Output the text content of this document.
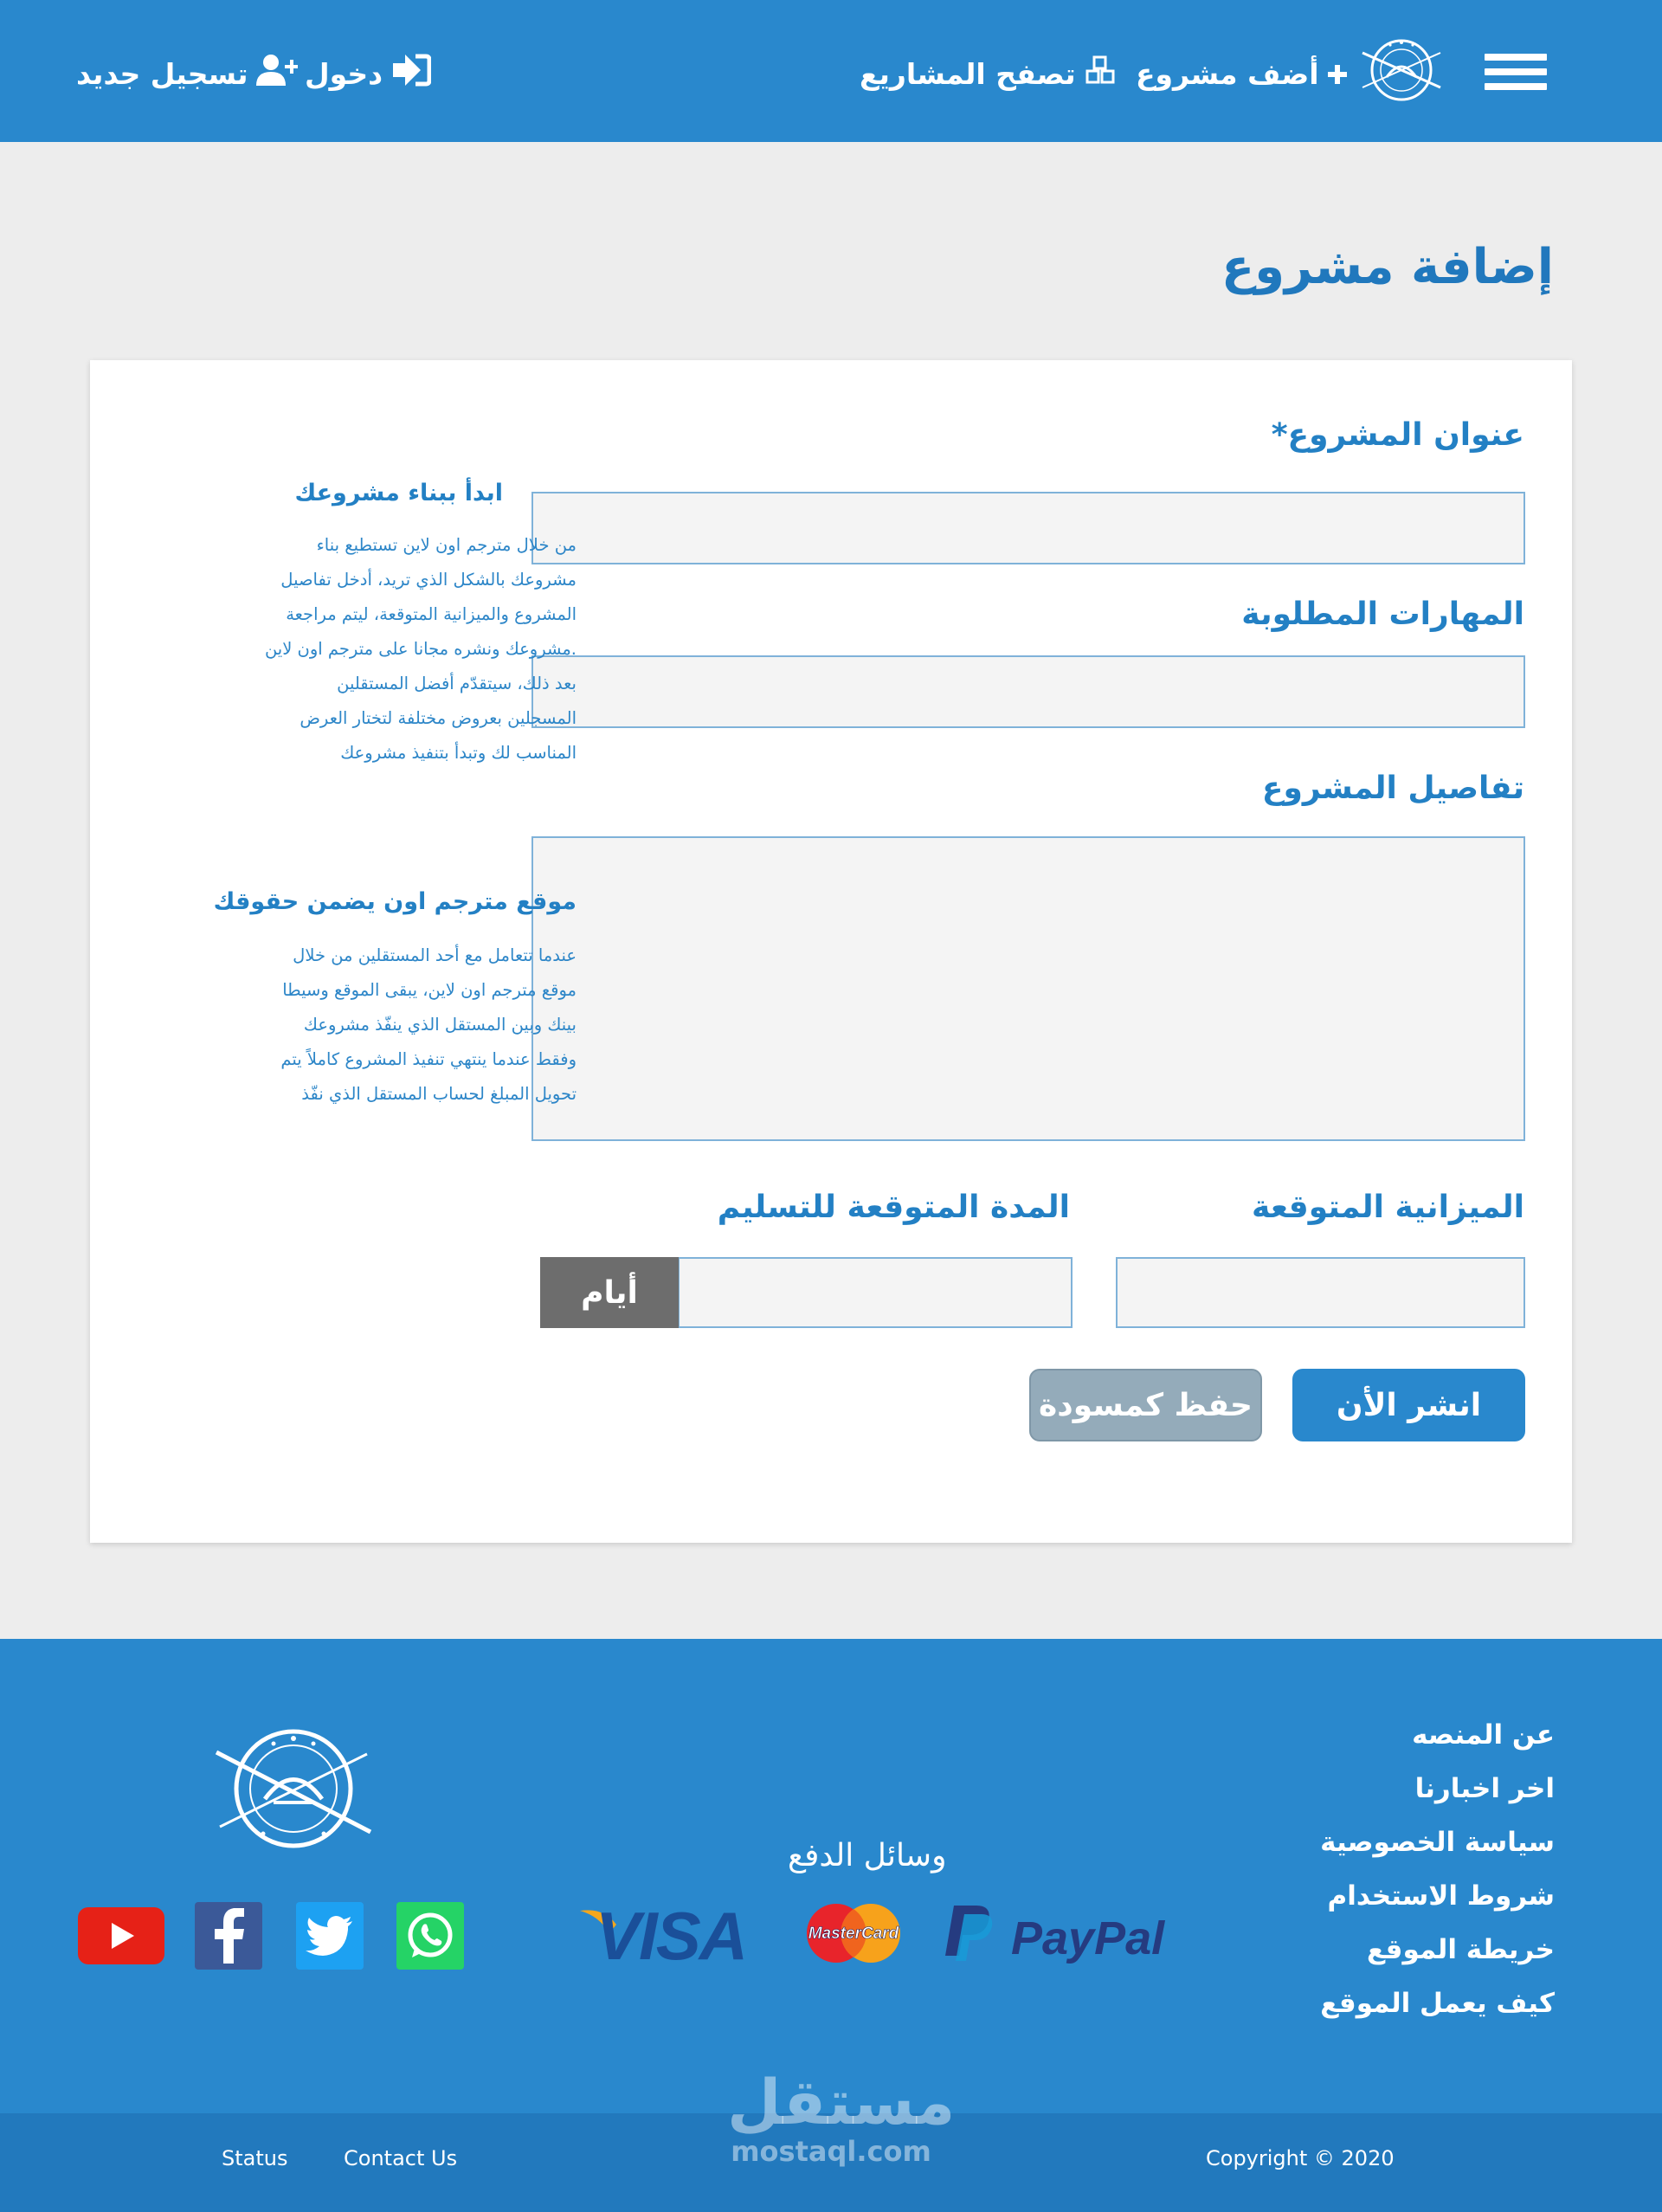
أضف مشروع
تصفح المشاريع
دخول
تسجيل جديد
إضافة مشروع
عنوان المشروع*
المهارات المطلوبة
تفاصيل المشروع
الميزانية المتوقعة
المدة المتوقعة للتسليم
أيام
انشر الأن
حفظ كمسودة
ابدأ ببناء مشروعك
من خلال مترجم اون لاين تستطيع بناء
مشروعك بالشكل الذي تريد، أدخل تفاصيل
المشروع والميزانية المتوقعة، ليتم مراجعة
.مشروعك ونشره مجانا على مترجم اون لاين
بعد ذلك، سيتقدّم أفضل المستقلين
المسجلين بعروض مختلفة لتختار العرض
المناسب لك وتبدأ بتنفيذ مشروعك
موقع مترجم اون يضمن حقوقك
عندما تتعامل مع أحد المستقلين من خلال
موقع مترجم اون لاين، يبقى الموقع وسيطا
بينك وبين المستقل الذي ينفّذ مشروعك
وفقط عندما ينتهي تنفيذ المشروع كاملاً يتم
تحويل المبلغ لحساب المستقل الذي نفّذ
عن المنصه
اخر اخبارنا
سياسة الخصوصية
شروط الاستخدام
خريطة الموقع
كيف يعمل الموقع
وسائل الدفع
VISA	MasterCard PayPal
Status	Contact Us	Copyright © 2020
مستقل
mostaql.com
